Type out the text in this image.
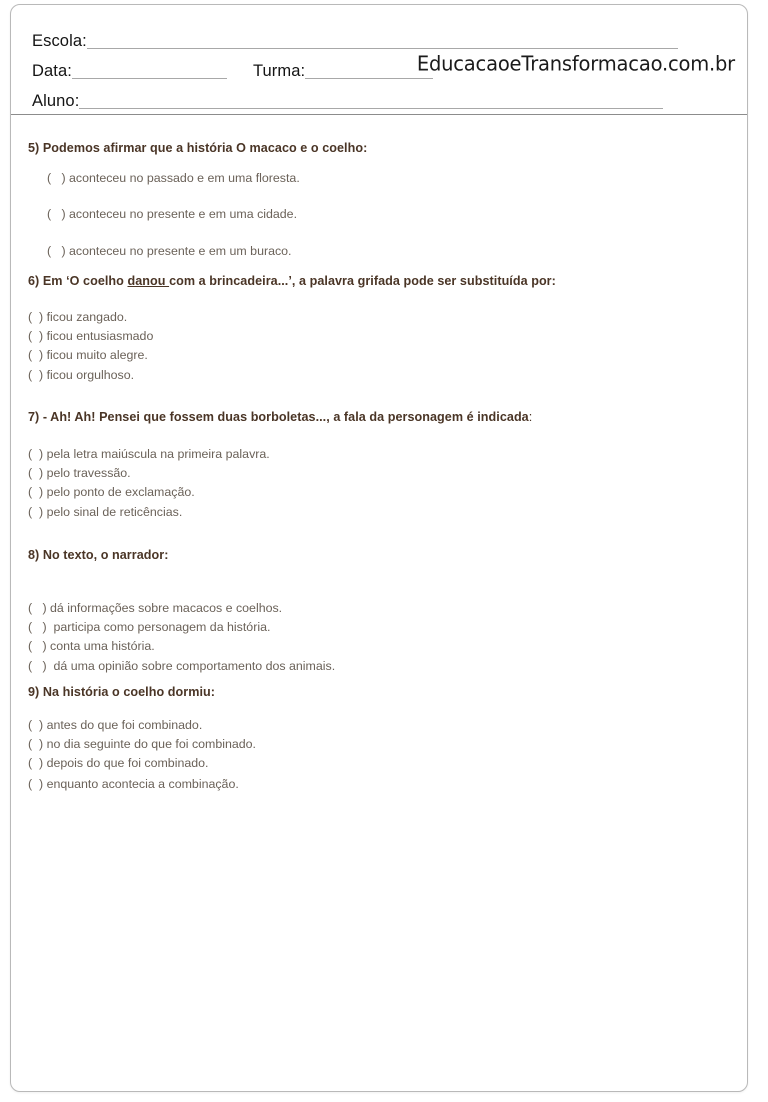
Escola:
Data:	Turma:
Aluno:
EducacaoeTransformacao.com.br
5) Podemos afirmar que a história O macaco e o coelho:
(   ) aconteceu no passado e em uma floresta.
(   ) aconteceu no presente e em uma cidade.
(   ) aconteceu no presente e em um buraco.
6) Em ‘O coelho danou com a brincadeira...’, a palavra grifada pode ser substituída por:
(  ) ficou zangado.
(  ) ficou entusiasmado
(  ) ficou muito alegre.
(  ) ficou orgulhoso.
7) - Ah! Ah! Pensei que fossem duas borboletas..., a fala da personagem é indicada:
(  ) pela letra maiúscula na primeira palavra.
(  ) pelo travessão.
(  ) pelo ponto de exclamação.
(  ) pelo sinal de reticências.
8) No texto, o narrador:
(   ) dá informações sobre macacos e coelhos.
(   )  participa como personagem da história.
(   ) conta uma história.
(   )  dá uma opinião sobre comportamento dos animais.
9) Na história o coelho dormiu:
(  ) antes do que foi combinado.
(  ) no dia seguinte do que foi combinado.
(  ) depois do que foi combinado.
(  ) enquanto acontecia a combinação.
